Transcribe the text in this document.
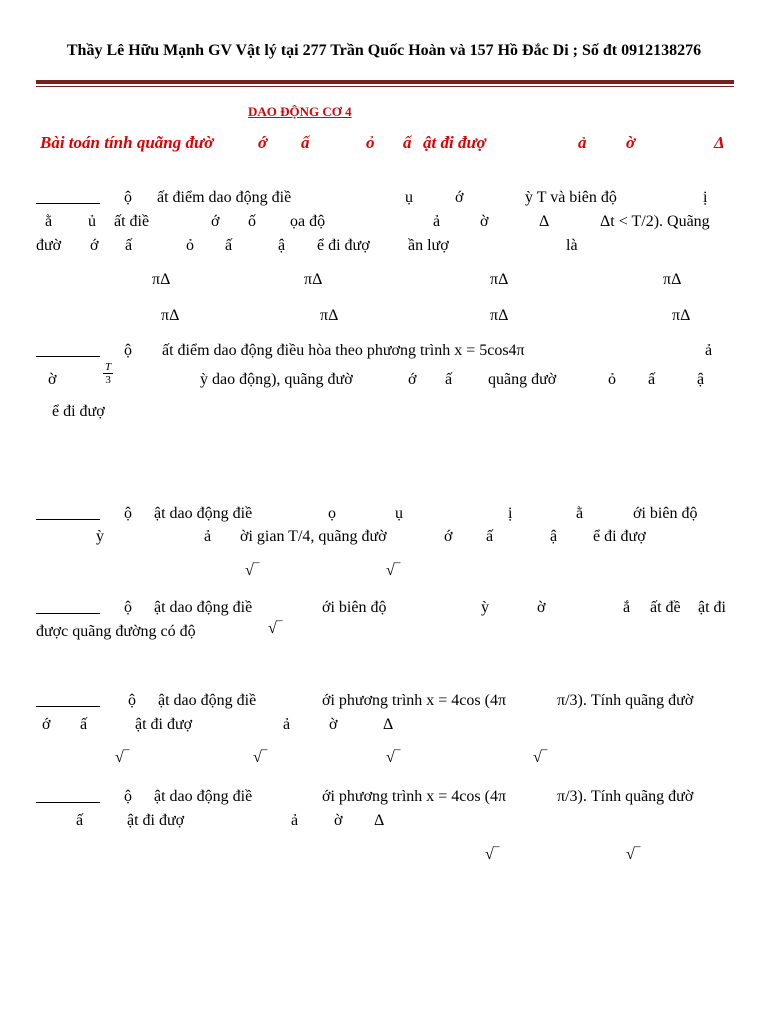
Thầy Lê Hữu Mạnh GV Vật lý tại 277 Trần Quốc Hoàn và 157 Hồ Đắc Di ; Số đt 0912138276
DAO ĐỘNG CƠ 4
Bài toán tính quãng đườ	ớ ấ	ỏ ấ ật đi đượ	ả ờ	Δ
ộ ất điểm dao động điề	ụ	ớ	ỳ T và biên độ	ị
ằ ủ ất điề	ớ ố ọa độ	ả ờ	Δ	Δt < T/2). Quãng
đườ ớ ấ	ỏ ấ	ậ ể đi đượ ần lượ	là
πΔ	πΔ	πΔ	πΔ
πΔ	πΔ	πΔ	πΔ
ộ ất điểm dao động điều hòa theo phương trình x = 5cos4π	ả
ờ	$\frac{T}{3}$	ỳ dao động), quãng đườ	ớ ấ quãng đườ	ỏ ấ	ậ
ể đi đượ
ộ ật dao động điề	ọ	ụ	ị	ằ	ới biên độ
ỳ	ả ời gian T/4, quãng đườ	ớ ấ	ậ ể đi đượ
√‾	√‾
ộ ật dao động điề	ới biên độ	ỳ	ờ	ắ ất đề ật đi
được quãng đường có độ	√‾
ộ ật dao động điề	ới phương trình x = 4cos (4π	π/3). Tính quãng đườ
ớ ấ	ật đi đượ	ả ờ	Δ
√‾	√‾	√‾	√‾
ộ ật dao động điề	ới phương trình x = 4cos (4π	π/3). Tính quãng đườ
ấ	ật đi đượ	ả ờ Δ
√‾	√‾
